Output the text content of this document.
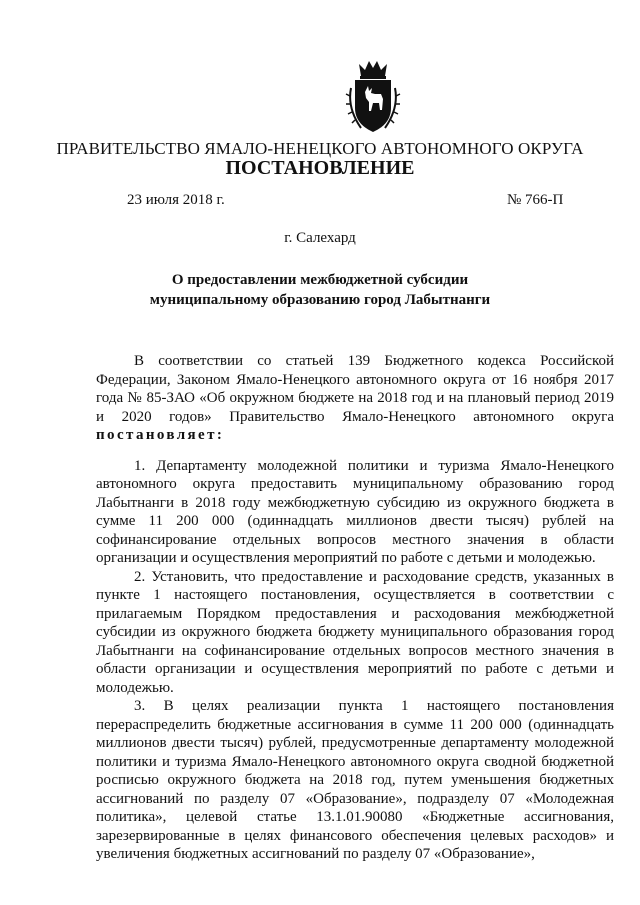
ПРАВИТЕЛЬСТВО ЯМАЛО-НЕНЕЦКОГО АВТОНОМНОГО ОКРУГА
ПОСТАНОВЛЕНИЕ
23 июля 2018 г.	№ 766-П
г. Салехард
О предоставлении межбюджетной субсидии
муниципальному образованию город Лабытнанги

В соответствии со статьей 139 Бюджетного кодекса Российской Федерации, Законом Ямало-Ненецкого автономного округа от 16 ноября 2017 года № 85-ЗАО «Об окружном бюджете на 2018 год и на плановый период 2019 и 2020 годов» Правительство Ямало-Ненецкого автономного округа постановляет:

1. Департаменту молодежной политики и туризма Ямало-Ненецкого автономного округа предоставить муниципальному образованию город Лабытнанги в 2018 году межбюджетную субсидию из окружного бюджета в сумме 11 200 000 (одиннадцать миллионов двести тысяч) рублей на софинансирование отдельных вопросов местного значения в области организации и осуществления мероприятий по работе с детьми и молодежью.

2. Установить, что предоставление и расходование средств, указанных в пункте 1 настоящего постановления, осуществляется в соответствии с прилагаемым Порядком предоставления и расходования межбюджетной субсидии из окружного бюджета бюджету муниципального образования город Лабытнанги на софинансирование отдельных вопросов местного значения в области организации и осуществления мероприятий по работе с детьми и молодежью.

3. В целях реализации пункта 1 настоящего постановления перераспределить бюджетные ассигнования в сумме 11 200 000 (одиннадцать миллионов двести тысяч) рублей, предусмотренные департаменту молодежной политики и туризма Ямало-Ненецкого автономного округа сводной бюджетной росписью окружного бюджета на 2018 год, путем уменьшения бюджетных ассигнований по разделу 07 «Образование», подразделу 07 «Молодежная политика», целевой статье 13.1.01.90080 «Бюджетные ассигнования, зарезервированные в целях финансового обеспечения целевых расходов» и увеличения бюджетных ассигнований по разделу 07 «Образование»,
